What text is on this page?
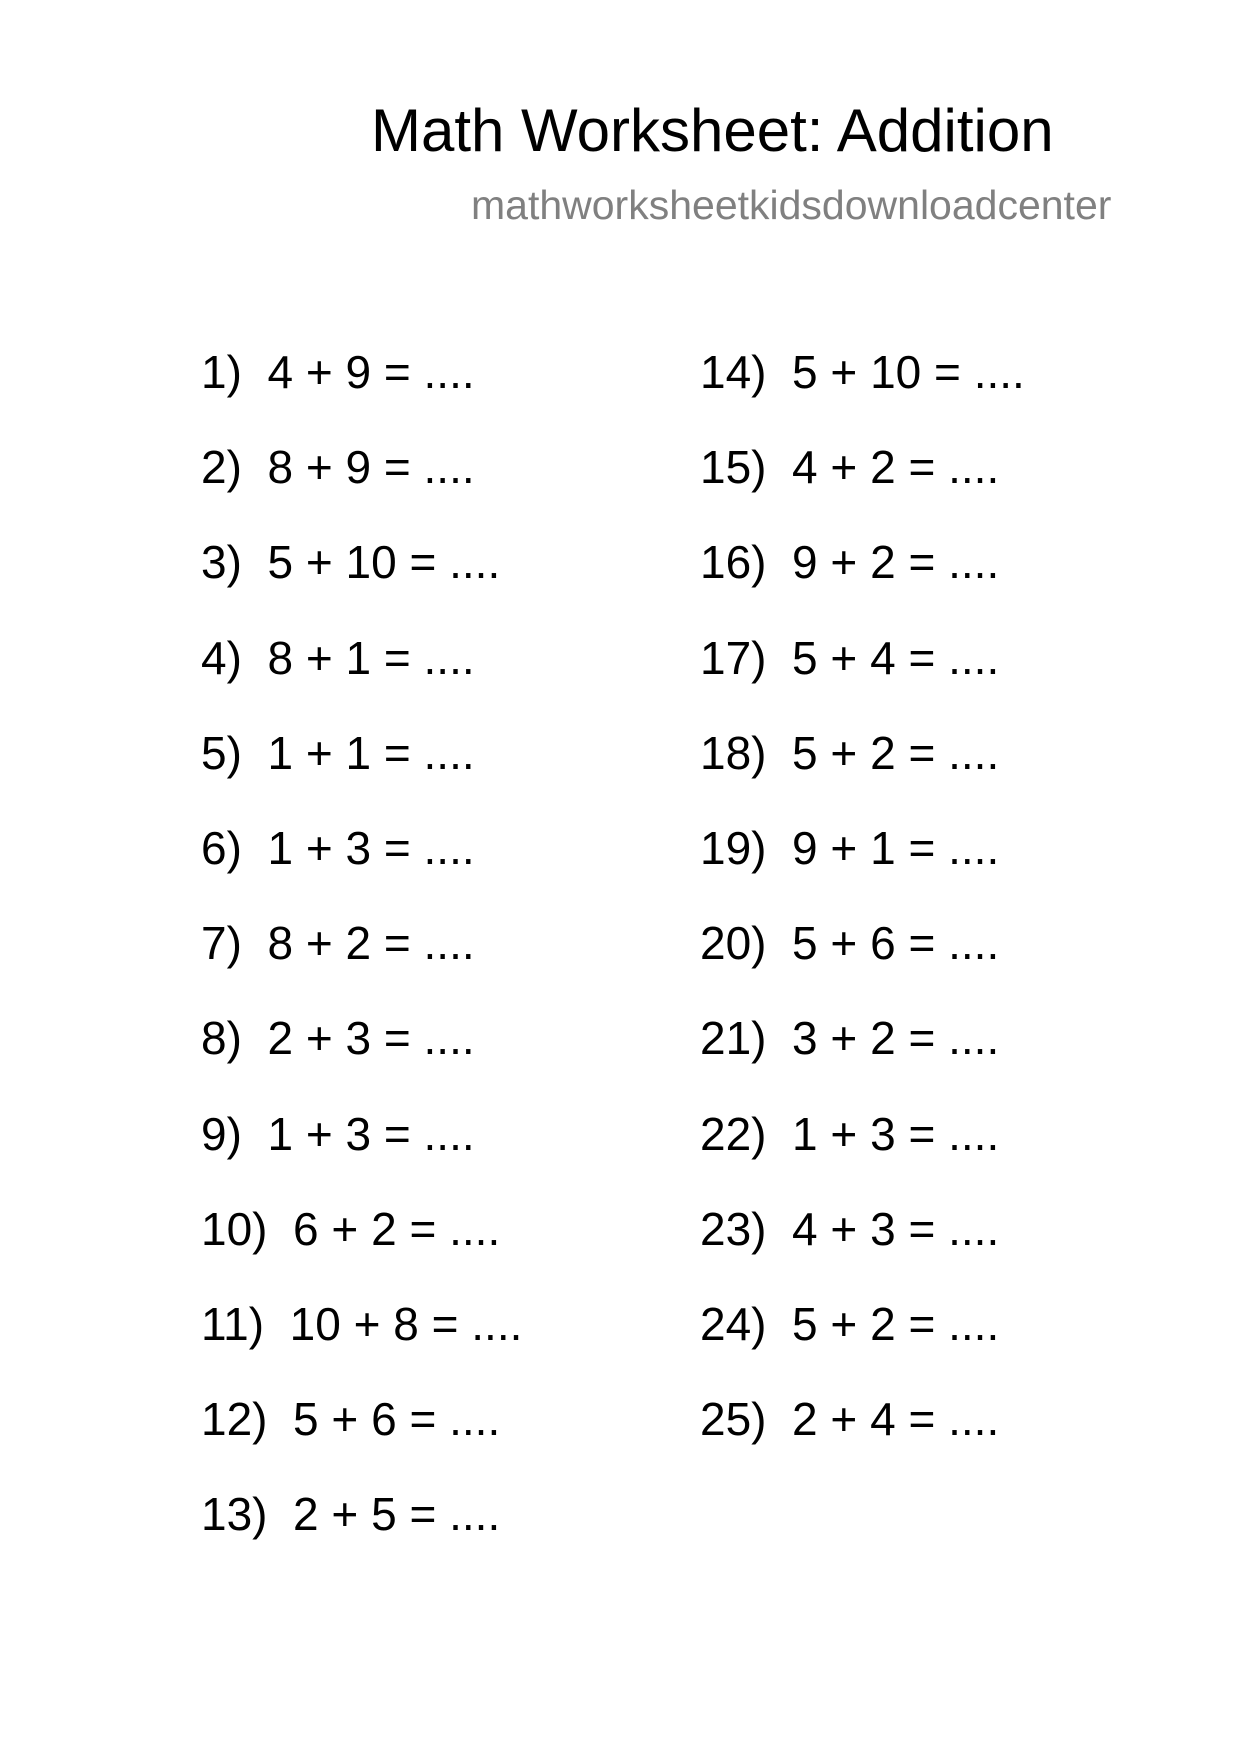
Math Worksheet: Addition
mathworksheetkidsdownloadcenter
1) 4 + 9 = ....
2) 8 + 9 = ....
3) 5 + 10 = ....
4) 8 + 1 = ....
5) 1 + 1 = ....
6) 1 + 3 = ....
7) 8 + 2 = ....
8) 2 + 3 = ....
9) 1 + 3 = ....
10) 6 + 2 = ....
11) 10 + 8 = ....
12) 5 + 6 = ....
13) 2 + 5 = ....
14) 5 + 10 = ....
15) 4 + 2 = ....
16) 9 + 2 = ....
17) 5 + 4 = ....
18) 5 + 2 = ....
19) 9 + 1 = ....
20) 5 + 6 = ....
21) 3 + 2 = ....
22) 1 + 3 = ....
23) 4 + 3 = ....
24) 5 + 2 = ....
25) 2 + 4 = ....
